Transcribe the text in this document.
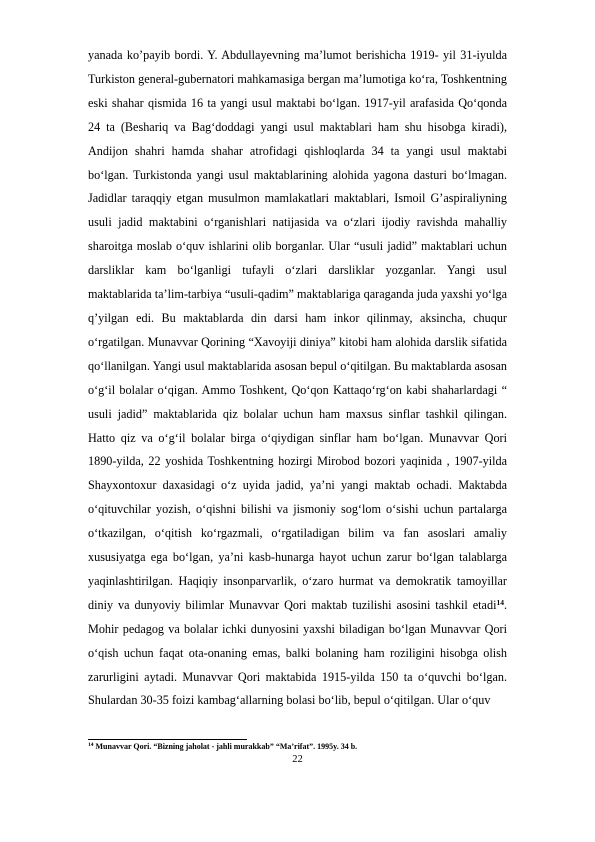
yanada ko’payib bordi. Y. Abdullayevning ma’lumot berishicha 1919- yil 31-iyulda Turkiston general-gubernatori mahkamasiga bergan ma’lumotiga ko‘ra, Toshkentning eski shahar qismida 16 ta yangi usul maktabi bo‘lgan. 1917-yil arafasida Qo‘qonda 24 ta (Beshariq va Bag‘doddagi yangi usul maktablari ham shu hisobga kiradi), Andijon shahri hamda shahar atrofidagi qishloqlarda 34 ta yangi usul maktabi bo‘lgan. Turkistonda yangi usul maktablarining alohida yagona dasturi bo‘lmagan. Jadidlar taraqqiy etgan musulmon mamlakatlari maktablari, Ismoil G’aspiraliyning usuli jadid maktabini o‘rganishlari natijasida va o‘zlari ijodiy ravishda mahalliy sharoitga moslab o‘quv ishlarini olib borganlar. Ular “usuli jadid” maktablari uchun darsliklar kam bo‘lganligi tufayli o‘zlari darsliklar yozganlar. Yangi usul maktablarida ta’lim-tarbiya “usuli-qadim” maktablariga qaraganda juda yaxshi yo‘lga q’yilgan edi. Bu maktablarda din darsi ham inkor qilinmay, aksincha, chuqur o‘rgatilgan. Munavvar Qorining “Xavoyiji diniya” kitobi ham alohida darslik sifatida qo‘llanilgan. Yangi usul maktablarida asosan bepul o‘qitilgan. Bu maktablarda asosan o‘g‘il bolalar o‘qigan. Ammo Toshkent, Qo‘qon Kattaqo‘rg‘on kabi shaharlardagi “ usuli jadid” maktablarida qiz bolalar uchun ham maxsus sinflar tashkil qilingan. Hatto qiz va o‘g‘il bolalar birga o‘qiydigan sinflar ham bo‘lgan. Munavvar Qori 1890-yilda, 22 yoshida Toshkentning hozirgi Mirobod bozori yaqinida , 1907-yilda Shayxontoxur daxasidagi o‘z uyida jadid, ya’ni yangi maktab ochadi. Maktabda o‘qituvchilar yozish, o‘qishni bilishi va jismoniy sog‘lom o‘sishi uchun partalarga o‘tkazilgan, o‘qitish ko‘rgazmali, o‘rgatiladigan bilim va fan asoslari amaliy xususiyatga ega bo‘lgan, ya’ni kasb-hunarga hayot uchun zarur bo‘lgan talablarga yaqinlashtirilgan. Haqiqiy insonparvarlik, o‘zaro hurmat va demokratik tamoyillar diniy va dunyoviy bilimlar Munavvar Qori maktab tuzilishi asosini tashkil etadi$^{14}$. Mohir pedagog va bolalar ichki dunyosini yaxshi biladigan bo‘lgan Munavvar Qori o‘qish uchun faqat ota-onaning emas, balki bolaning ham roziligini hisobga olish zarurligini aytadi. Munavvar Qori maktabida 1915-yilda 150 ta o‘quvchi bo‘lgan. Shulardan 30-35 foizi kambag‘allarning bolasi bo‘lib, bepul o‘qitilgan. Ular o‘quv

$^{14}$ Munavvar Qori. “Bizning jaholat - jahli murakkab” “Ma’rifat”. 1995y. 34 b.
22
